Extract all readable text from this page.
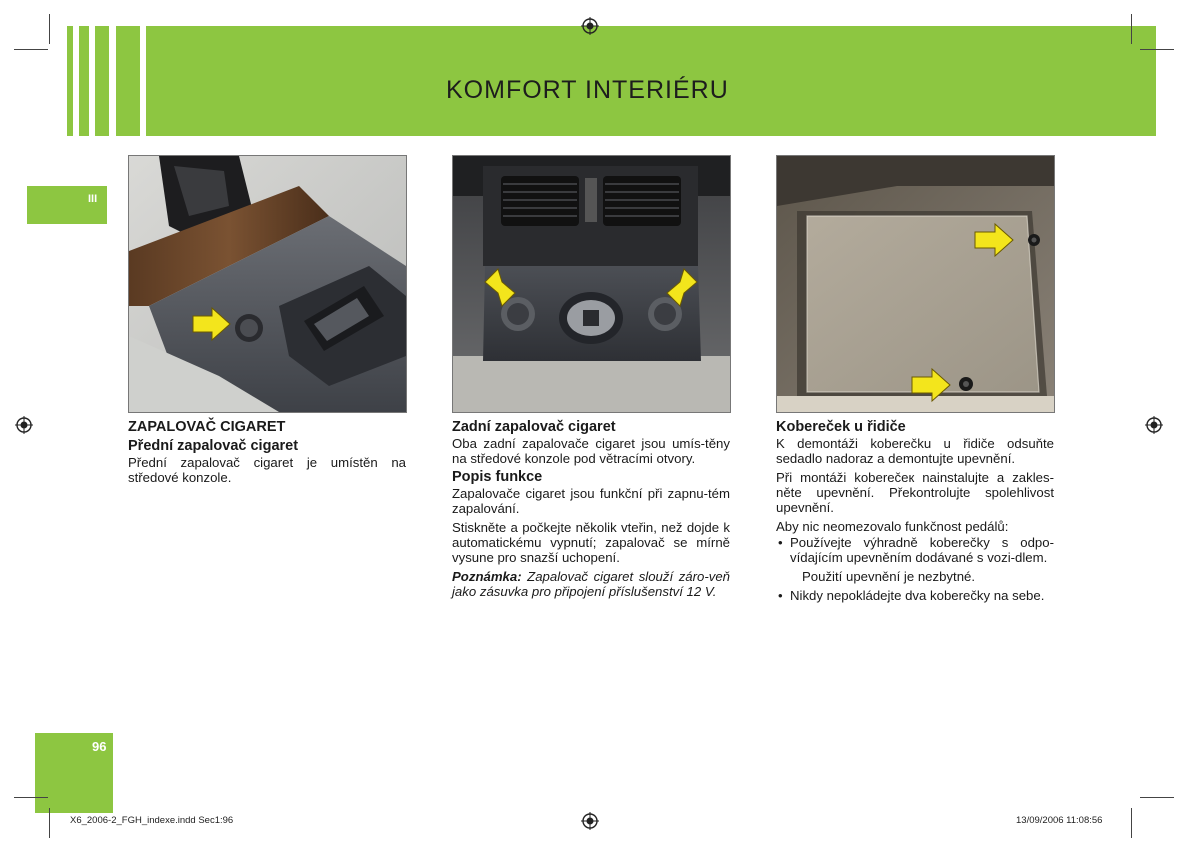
KOMFORT INTERIÉRU
III
96
ZAPALOVAČ CIGARET
Přední zapalovač cigaret

Přední zapalovač cigaret je umístěn na středové konzole.

Zadní zapalovač cigaret

Oba zadní zapalovače cigaret jsou umís-těny na středové konzole pod větracími otvory.

Popis funkce

Zapalovače cigaret jsou funkční při zapnu-tém zapalování.

Stiskněte a počkejte několik vteřin, než dojde k automatickému vypnutí; zapalovač se mírně vysune pro snazší uchopení.

Poznámka: Zapalovač cigaret slouží záro-veň jako zásuvka pro připojení příslušenství 12 V.

Kobereček u řidiče

K demontáži koberečku u řidiče odsuňte sedadlo nadoraz a demontujte upevnění.

Při montáži koberečeк nainstalujte a zakles-něte upevnění. Překontrolujte spolehlivost upevnění.

Aby nic neomezovalo funkčnost pedálů:

• Používejte výhradně koberečky s odpo-vídajícím upevněním dodávané s vozi-dlem.

Použití upevnění je nezbytné.

• Nikdy nepokládejte dva koberečky na sebe.
X6_2006-2_FGH_indexe.indd Sec1:96	13/09/2006 11:08:56
